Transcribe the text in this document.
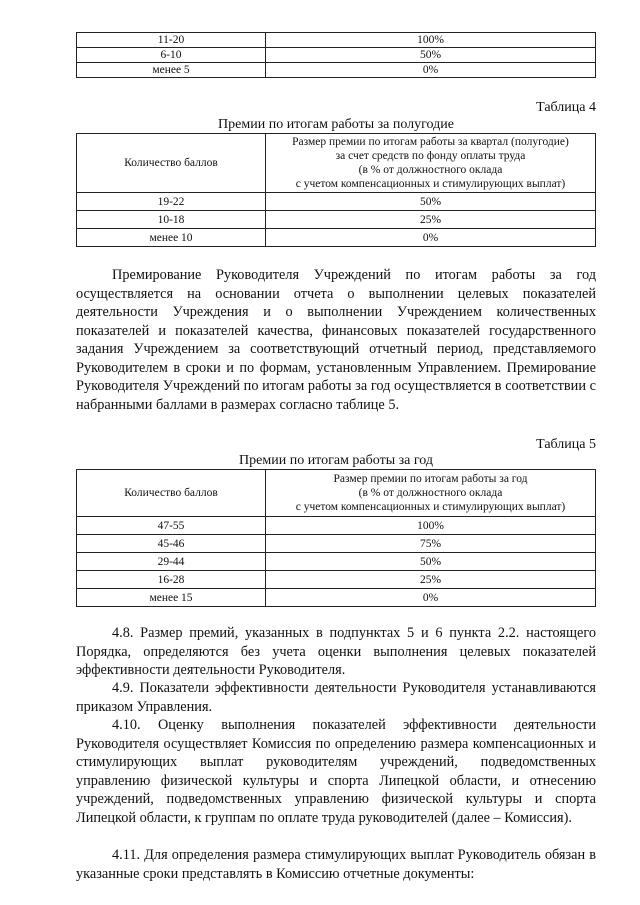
11-20	100%
6-10	50%
менее 5	0%
Таблица 4
Премии по итогам работы за полугодие
Количество баллов	Размер премии по итогам работы за квартал (полугодие)
за счет средств по фонду оплаты труда
(в % от должностного оклада
с учетом компенсационных и стимулирующих выплат)

19-22	50%
10-18	25%
менее 10	0%

Премирование Руководителя Учреждений по итогам работы за год осуществляется на основании отчета о выполнении целевых показателей деятельности Учреждения и о выполнении Учреждением количественных показателей и показателей качества, финансовых показателей государственного задания Учреждением за соответствующий отчетный период, представляемого Руководителем в сроки и по формам, установленным Управлением. Премирование Руководителя Учреждений по итогам работы за год осуществляется в соответствии с набранными баллами в размерах согласно таблице 5.

Таблица 5
Премии по итогам работы за год
Количество баллов	Размер премии по итогам работы за год
(в % от должностного оклада
с учетом компенсационных и стимулирующих выплат)

47-55	100%
45-46	75%
29-44	50%
16-28	25%
менее 15	0%

4.8. Размер премий, указанных в подпунктах 5 и 6 пункта 2.2. настоящего Порядка, определяются без учета оценки выполнения целевых показателей эффективности деятельности Руководителя.

4.9. Показатели эффективности деятельности Руководителя устанавливаются приказом Управления.

4.10. Оценку выполнения показателей эффективности деятельности Руководителя осуществляет Комиссия по определению размера компенсационных и стимулирующих выплат руководителям учреждений, подведомственных управлению физической культуры и спорта Липецкой области, и отнесению учреждений, подведомственных управлению физической культуры и спорта Липецкой области, к группам по оплате труда руководителей (далее – Комиссия).

4.11. Для определения размера стимулирующих выплат Руководитель обязан в указанные сроки представлять в Комиссию отчетные документы:
